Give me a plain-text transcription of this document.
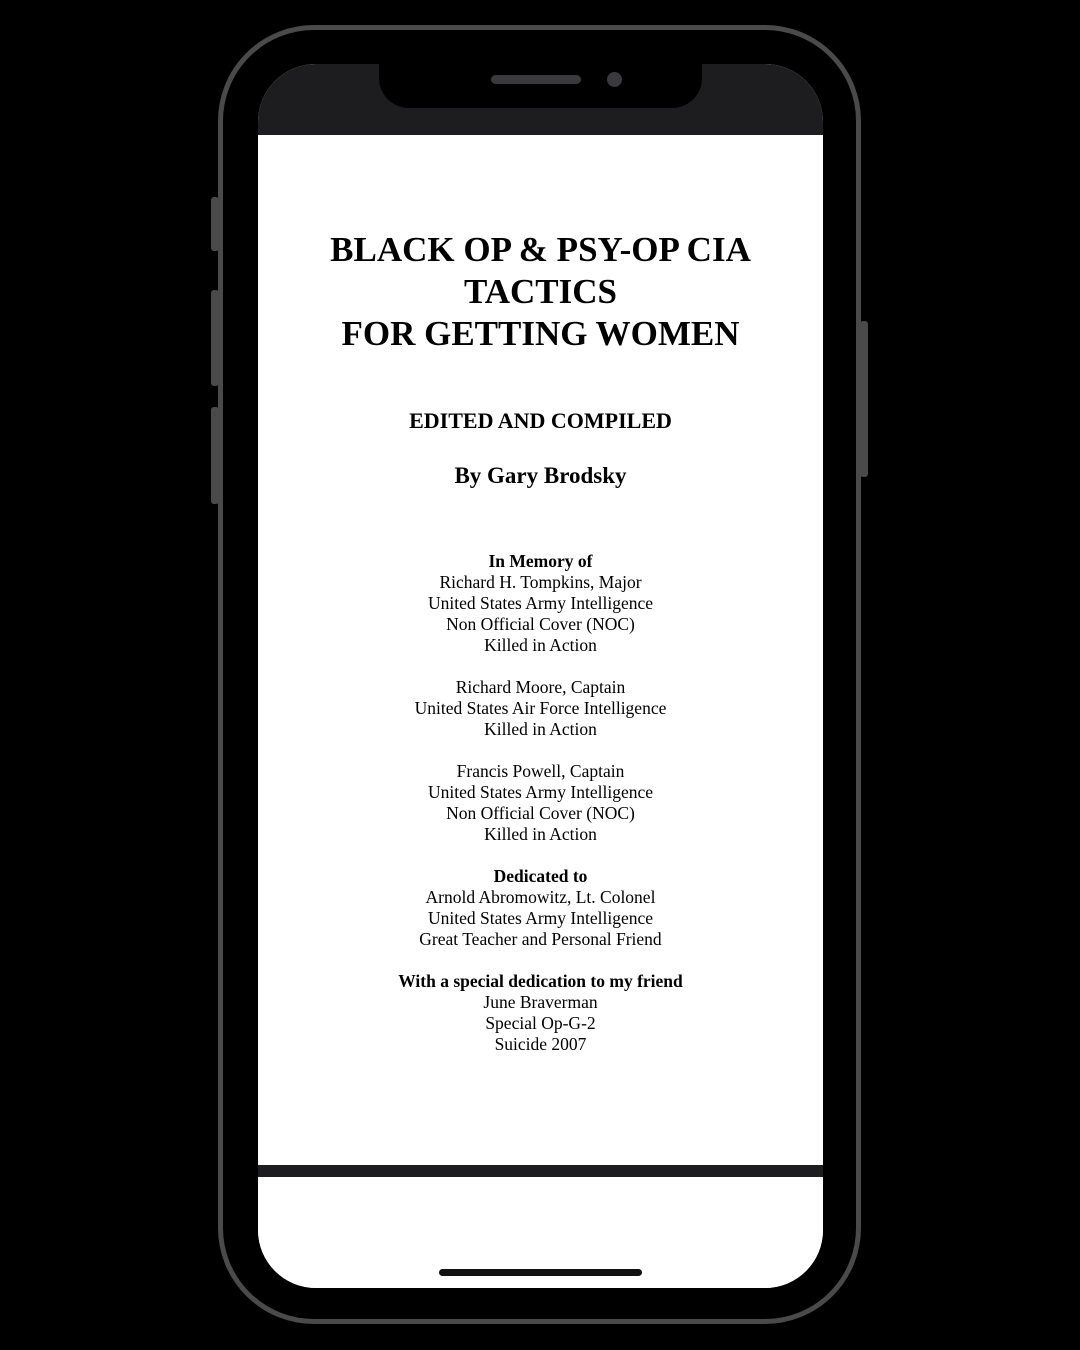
BLACK OP & PSY-OP CIA
TACTICS
FOR GETTING WOMEN
EDITED AND COMPILED
By Gary Brodsky
In Memory of
Richard H. Tompkins, Major
United States Army Intelligence
Non Official Cover (NOC)
Killed in Action
Richard Moore, Captain
United States Air Force Intelligence
Killed in Action
Francis Powell, Captain
United States Army Intelligence
Non Official Cover (NOC)
Killed in Action
Dedicated to
Arnold Abromowitz, Lt. Colonel
United States Army Intelligence
Great Teacher and Personal Friend
With a special dedication to my friend
June Braverman
Special Op-G-2
Suicide 2007
